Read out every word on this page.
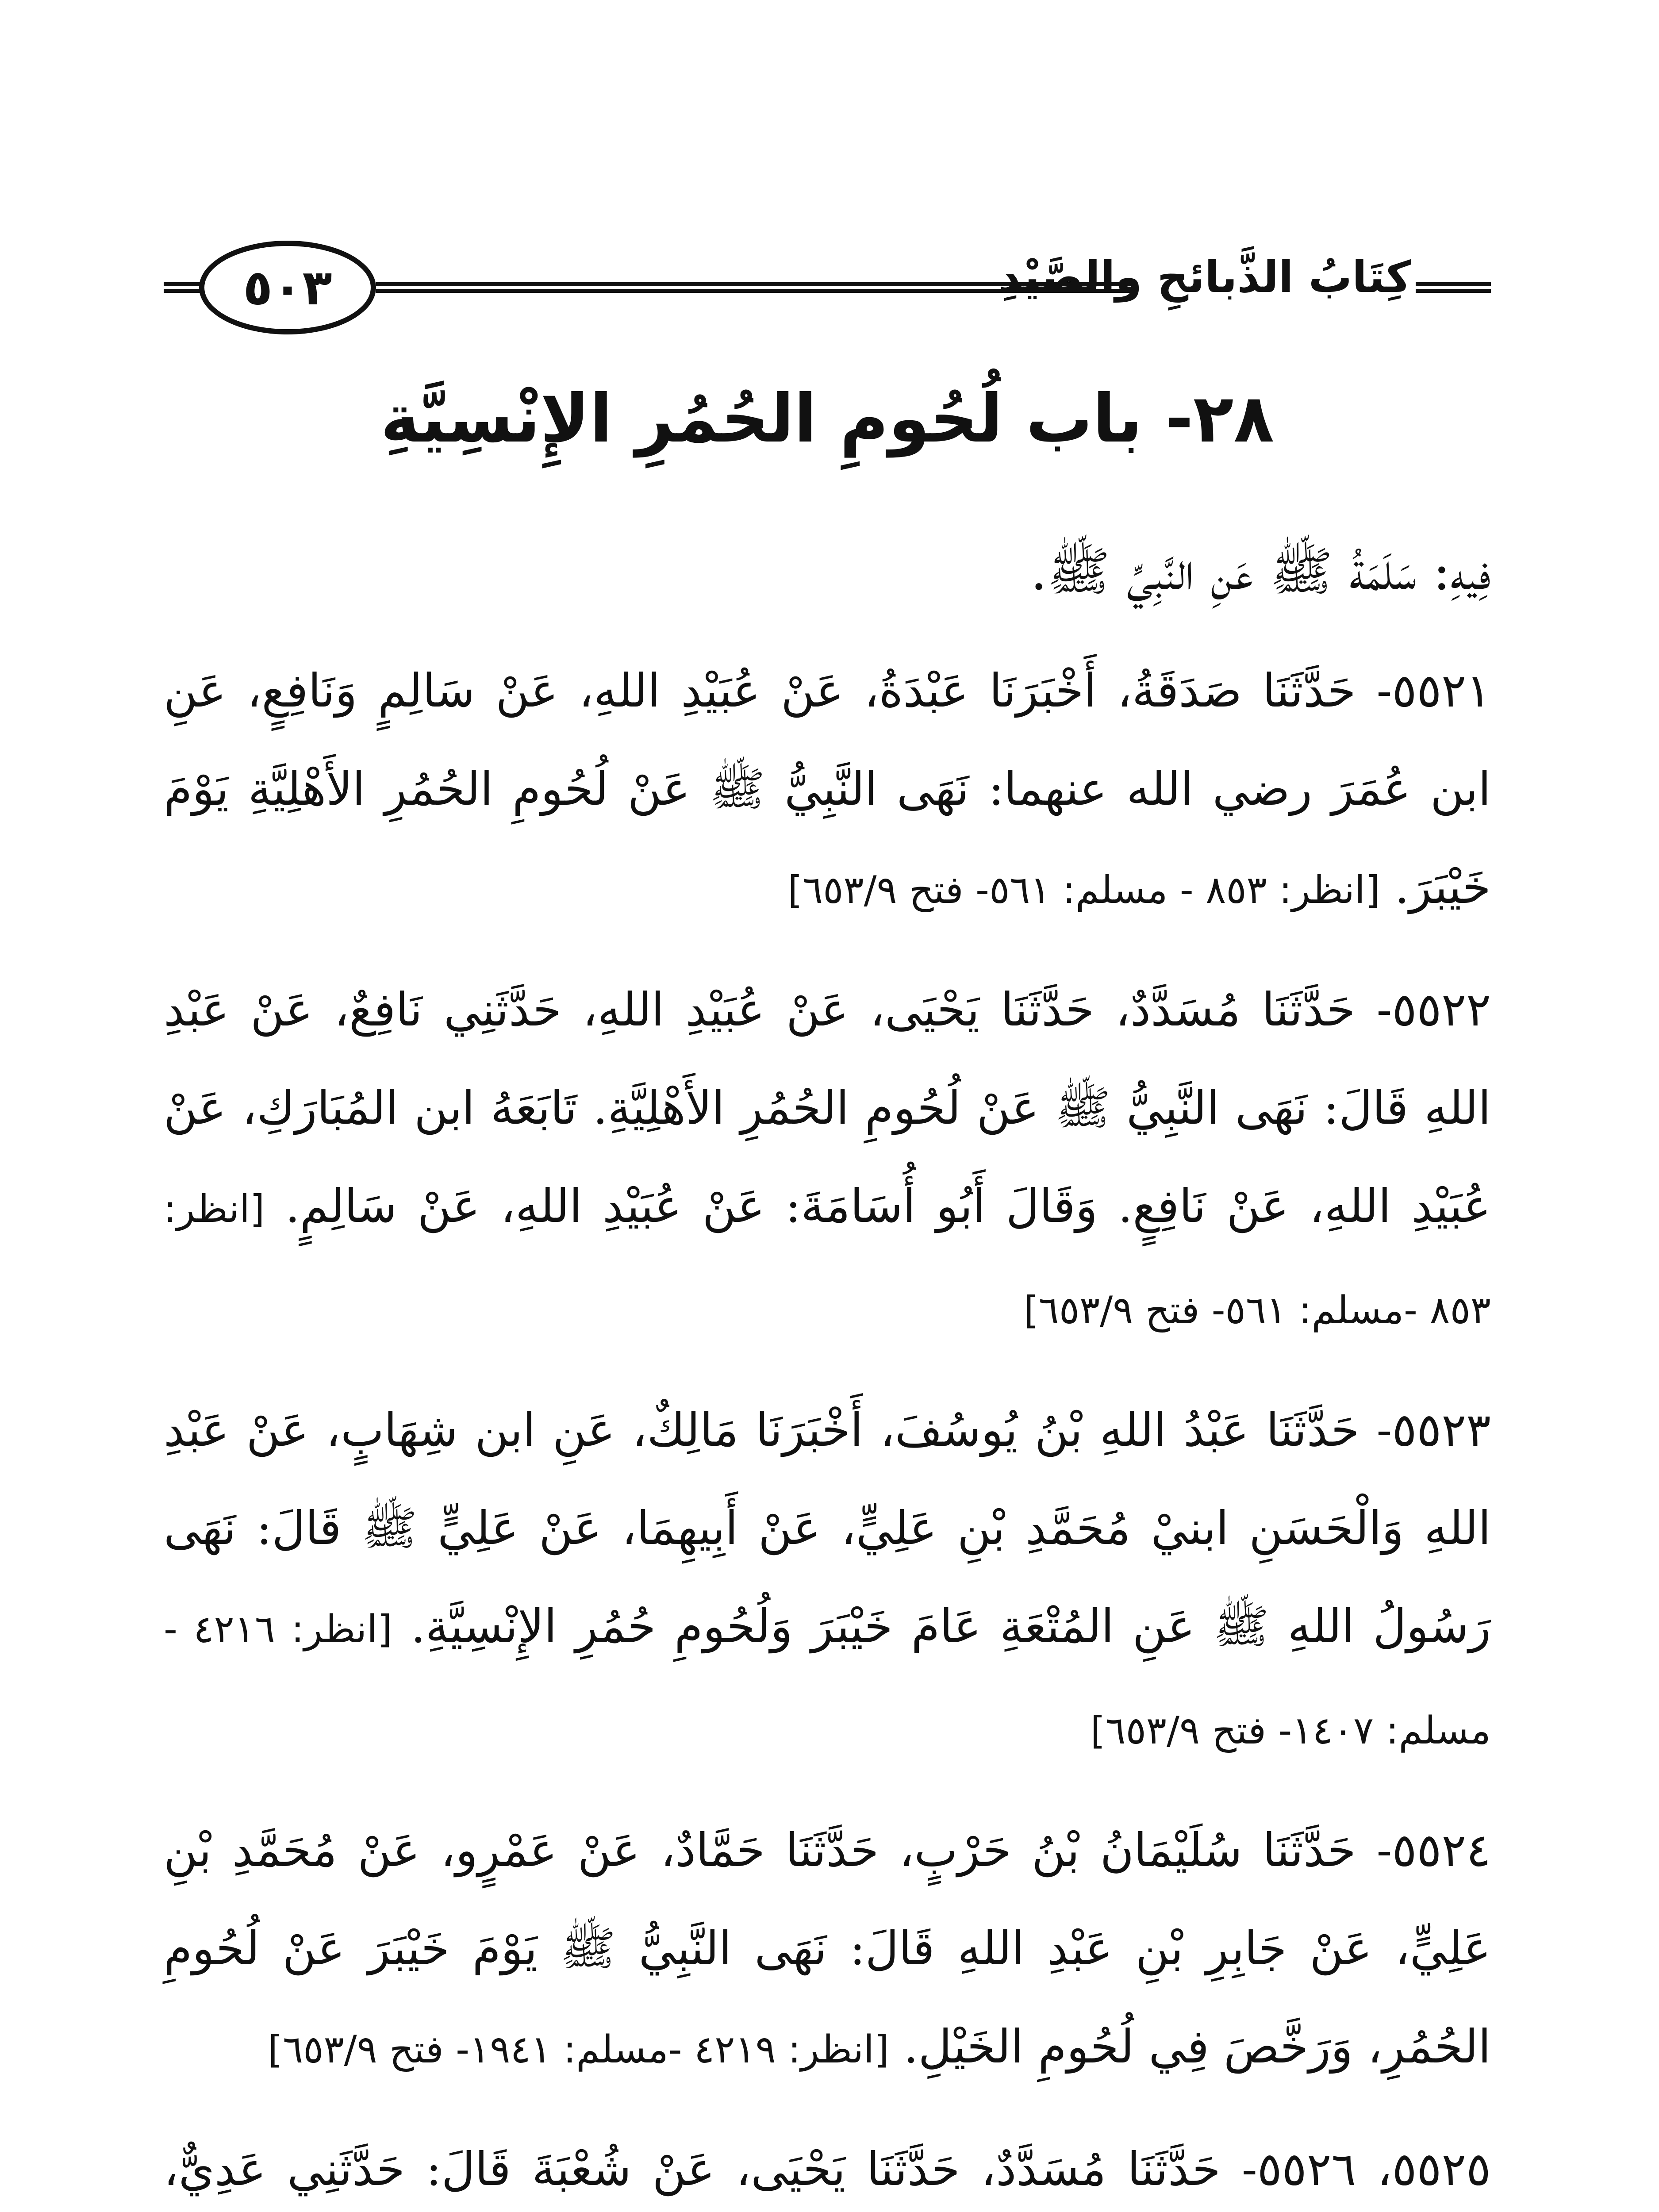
٥٠٣	كِتَابُ الذَّبائحِ والصَّيْدِ
٢٨- باب لُحُومِ الحُمُرِ الإِنْسِيَّةِ

فِيهِ: سَلَمَةُ ﷺ عَنِ النَّبِيِّ ﷺ.

٥٥٢١- حَدَّثَنَا صَدَقَةُ، أَخْبَرَنَا عَبْدَةُ، عَنْ عُبَيْدِ اللهِ، عَنْ سَالِمٍ وَنَافِعٍ، عَنِ ابن عُمَرَ رضي الله عنهما: نَهَى النَّبِيُّ ﷺ عَنْ لُحُومِ الحُمُرِ الأَهْلِيَّةِ يَوْمَ خَيْبَرَ. [انظر: ٨٥٣ - مسلم: ٥٦١- فتح ٦٥٣/٩]

٥٥٢٢- حَدَّثَنَا مُسَدَّدٌ، حَدَّثَنَا يَحْيَى، عَنْ عُبَيْدِ اللهِ، حَدَّثَنِي نَافِعٌ، عَنْ عَبْدِ اللهِ قَالَ: نَهَى النَّبِيُّ ﷺ عَنْ لُحُومِ الحُمُرِ الأَهْلِيَّةِ. تَابَعَهُ ابن المُبَارَكِ، عَنْ عُبَيْدِ اللهِ، عَنْ نَافِعٍ. وَقَالَ أَبُو أُسَامَةَ: عَنْ عُبَيْدِ اللهِ، عَنْ سَالِمٍ. [انظر: ٨٥٣ -مسلم: ٥٦١- فتح ٦٥٣/٩]

٥٥٢٣- حَدَّثَنَا عَبْدُ اللهِ بْنُ يُوسُفَ، أَخْبَرَنَا مَالِكٌ، عَنِ ابن شِهَابٍ، عَنْ عَبْدِ اللهِ وَالْحَسَنِ ابنيْ مُحَمَّدِ بْنِ عَلِيٍّ، عَنْ أَبِيهِمَا، عَنْ عَلِيٍّ ﷺ قَالَ: نَهَى رَسُولُ اللهِ ﷺ عَنِ المُتْعَةِ عَامَ خَيْبَرَ وَلُحُومِ حُمُرِ الإِنْسِيَّةِ. [انظر: ٤٢١٦ - مسلم: ١٤٠٧- فتح ٦٥٣/٩]

٥٥٢٤- حَدَّثَنَا سُلَيْمَانُ بْنُ حَرْبٍ، حَدَّثَنَا حَمَّادٌ، عَنْ عَمْرٍو، عَنْ مُحَمَّدِ بْنِ عَلِيٍّ، عَنْ جَابِرِ بْنِ عَبْدِ اللهِ قَالَ: نَهَى النَّبِيُّ ﷺ يَوْمَ خَيْبَرَ عَنْ لُحُومِ الحُمُرِ، وَرَخَّصَ فِي لُحُومِ الخَيْلِ. [انظر: ٤٢١٩ -مسلم: ١٩٤١- فتح ٦٥٣/٩]

٥٥٢٥، ٥٥٢٦- حَدَّثَنَا مُسَدَّدٌ، حَدَّثَنَا يَحْيَى، عَنْ شُعْبَةَ قَالَ: حَدَّثَنِي عَدِيٌّ،
